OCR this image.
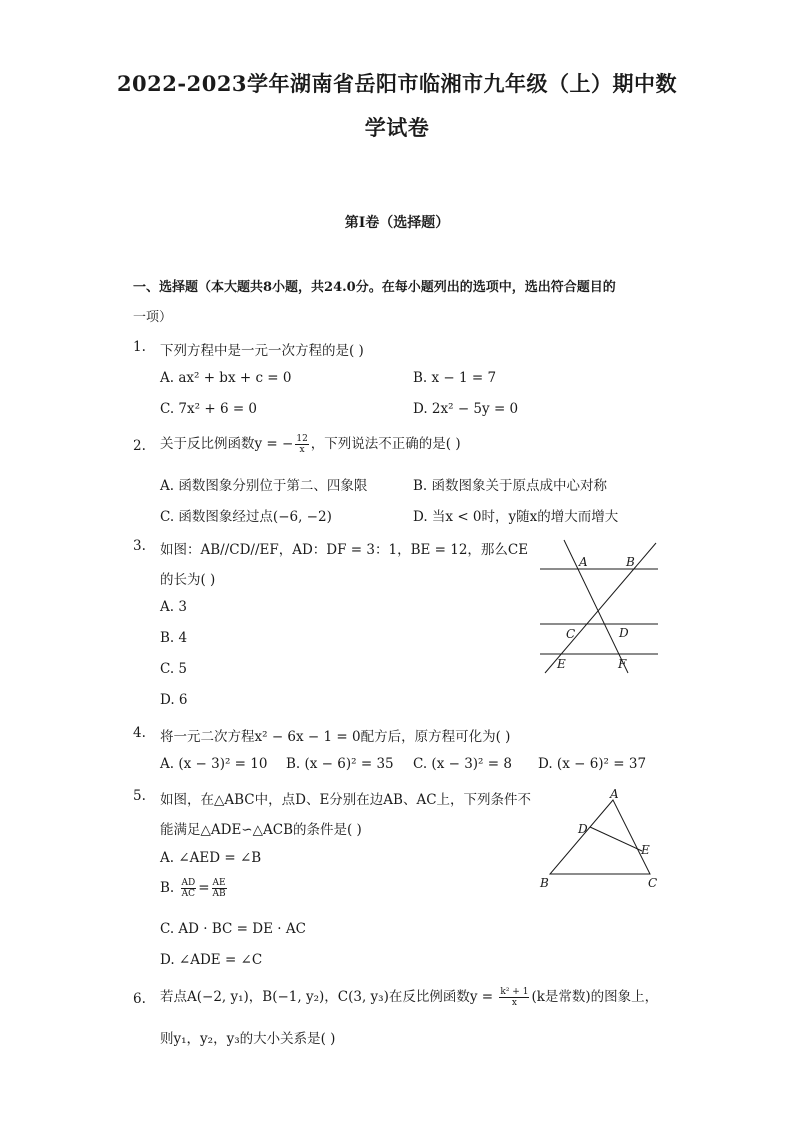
2022-2023学年湖南省岳阳市临湘市九年级（上）期中数
学试卷
第I卷（选择题）
一、选择题（本大题共8小题，共24.0分。在每小题列出的选项中，选出符合题目的
一项）
1. 下列方程中是一元一次方程的是( )
A. ax² + bx + c = 0	B. x − 1 = 7
C. 7x² + 6 = 0	D. 2x² − 5y = 0
2. 关于反比例函数y = − $\frac{12}{x}$ ，下列说法不正确的是( )
A. 函数图象分别位于第二、四象限	B. 函数图象关于原点成中心对称
C. 函数图象经过点(−6, −2)	D. 当x < 0时，y随x的增大而增大
3. 如图：AB//CD//EF，AD：DF = 3：1，BE = 12，那么CE
的长为( )
A. 3
B. 4
C. 5
D. 6
A	B
C	D
E	F
4. 将一元二次方程x² − 6x − 1 = 0配方后，原方程可化为( )
A. (x − 3)² = 10 B. (x − 6)² = 35 C. (x − 3)² = 8 D. (x − 6)² = 37
5. 如图，在△ABC中，点D、E分别在边AB、AC上，下列条件不
能满足△ADE∽△ACB的条件是( )
A. ∠AED = ∠B
B. $\frac{AD}{AC} = \frac{AE}{AB}$
C. AD · BC = DE · AC
D. ∠ADE = ∠C
A
B	C
D
E
6. 若点A(−2, y₁)，B(−1, y₂)，C(3, y₃)在反比例函数$y = \frac{\text{k² + 1}}{x} (k$是常数)的图象上，
则y₁，y₂，y₃的大小关系是( )
